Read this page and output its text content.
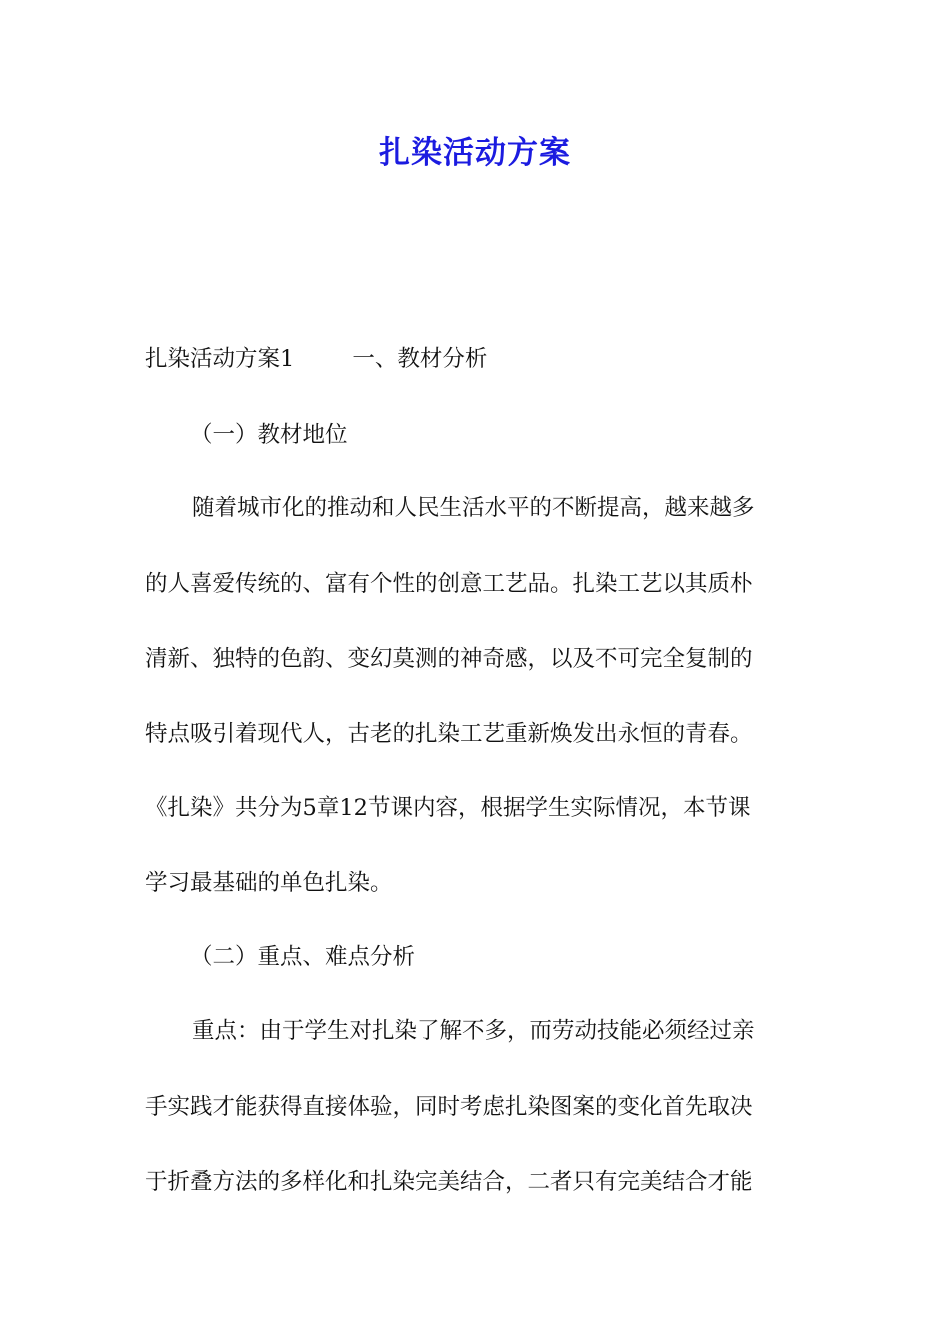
扎染活动方案
扎染活动方案1	一、教材分析
（一）教材地位
随着城市化的推动和人民生活水平的不断提高，越来越多
的人喜爱传统的、富有个性的创意工艺品。扎染工艺以其质朴
清新、独特的色韵、变幻莫测的神奇感，以及不可完全复制的
特点吸引着现代人，古老的扎染工艺重新焕发出永恒的青春。
《扎染》共分为5章12节课内容，根据学生实际情况，本节课
学习最基础的单色扎染。
（二）重点、难点分析
重点：由于学生对扎染了解不多，而劳动技能必须经过亲
手实践才能获得直接体验，同时考虑扎染图案的变化首先取决
于折叠方法的多样化和扎染完美结合，二者只有完美结合才能
